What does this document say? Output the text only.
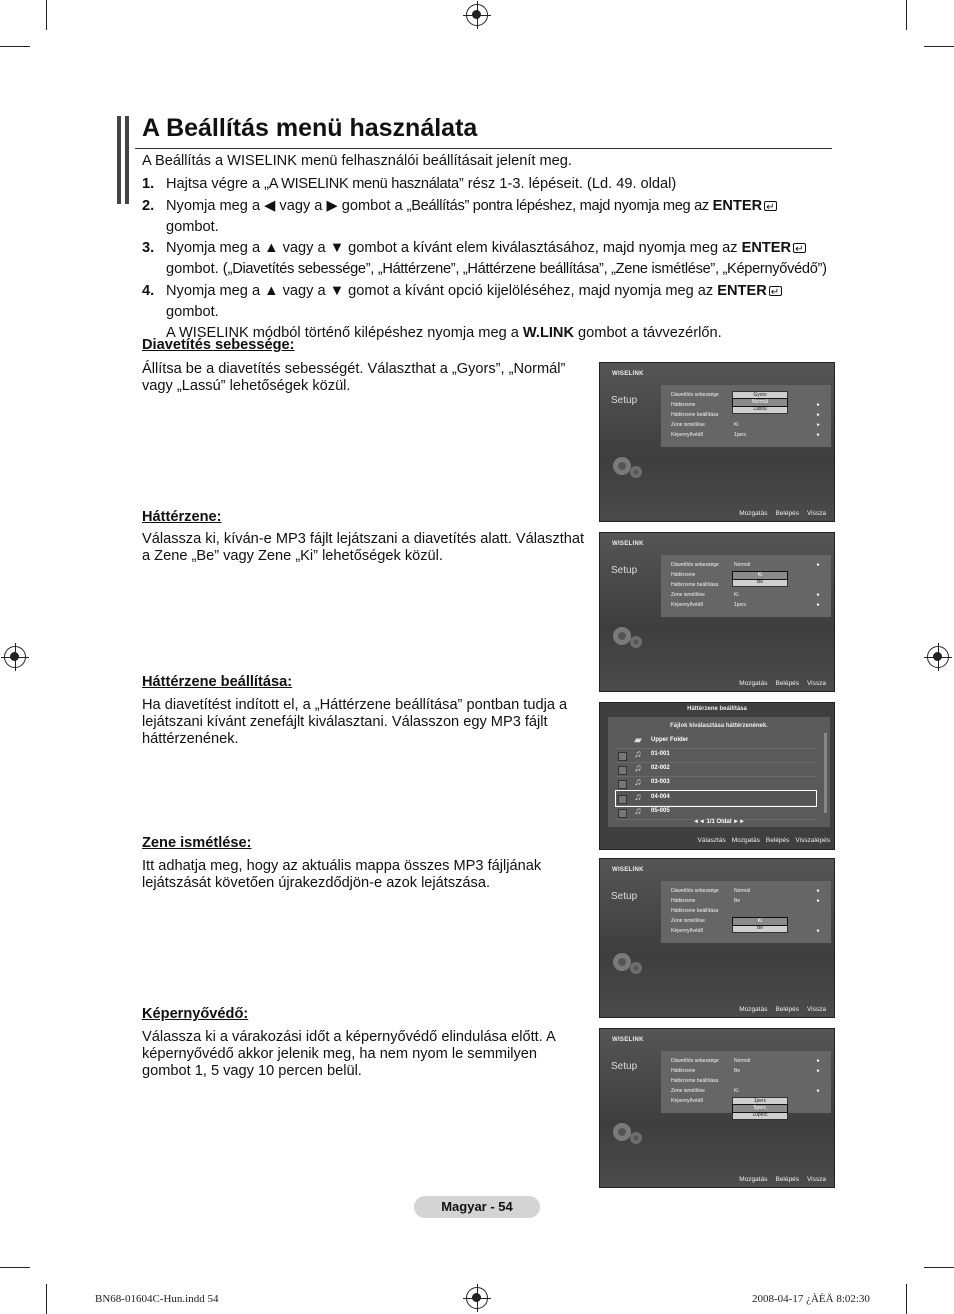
A Beállítás menü használata
A Beállítás a WISELINK menü felhasználói beállításait jelenít meg.
1. Hajtsa végre a „A WISELINK menü használata” rész 1-3. lépéseit. (Ld. 49. oldal)
2. Nyomja meg a ◀ vagy a ▶ gombot a „Beállítás” pontra lépéshez, majd nyomja meg az ENTER↵
gombot.
3. Nyomja meg a ▲ vagy a ▼ gombot a kívánt elem kiválasztásához, majd nyomja meg az ENTER↵
gombot. („Diavetítés sebessége”, „Háttérzene”, „Háttérzene beállítása”, „Zene ismétlése”, „Képernyővédő”)
4. Nyomja meg a ▲ vagy a ▼ gomot a kívánt opció kijelöléséhez, majd nyomja meg az ENTER↵ gombot.
A WISELINK módból történő kilépéshez nyomja meg a W.LINK gombot a távvezérlőn.
Diavetítés sebessége:
Állítsa be a diavetítés sebességét. Választhat a „Gyors”, „Normál” vagy „Lassú” lehetőségek közül.
Háttérzene:
Válassza ki, kíván-e MP3 fájlt lejátszani a diavetítés alatt. Választhat a Zene „Be” vagy Zene „Ki” lehetőségek közül.
Háttérzene beállítása:
Ha diavetítést indított el, a „Háttérzene beállítása” pontban tudja a lejátszani kívánt zenefájlt kiválasztani. Válasszon egy MP3 fájlt háttérzenének.
Zene ismétlése:
Itt adhatja meg, hogy az aktuális mappa összes MP3 fájljának lejátszását követően újrakezdődjön-e azok lejátszása.
Képernyővédő:
Válassza ki a várakozási időt a képernyővédő elindulása előtt. A képernyővédő akkor jelenik meg, ha nem nyom le semmilyen gombot 1, 5 vagy 10 percen belül.
WISELINK
Setup	Diavetítés sebessége
Háttérzene	►
Háttérzene beállítása	►
Zene ismétlése	Ki	►
Képernyővédő	1perc	►
Gyors
Normál
Lassú
Mozgatás Belépés Vissza
WISELINK
Setup	Diavetítés sebessége	Normál	►
Háttérzene
Háttérzene beállítása
Zene ismétlése	Ki	►
Képernyővédő	1perc	►
Ki
Be
Mozgatás Belépés Vissza
Háttérzene beállítása
Fájlok kiválasztása háttérzenének.
▰	Upper Folder
♫	01-001
♫	02-002
♫	03-003
♫	04-004
♫	05-005
◄◄ 1/1 Oldal ►►
Választás Mozgatás Belépés Visszalépés
WISELINK
Setup	Diavetítés sebessége	Normál	►
Háttérzene	Be	►
Háttérzene beállítása
Zene ismétlése
Képernyővédő	►
Ki
Be
Mozgatás Belépés Vissza
WISELINK
Setup	Diavetítés sebessége	Normál	►
Háttérzene	Be	►
Háttérzene beállítása
Zene ismétlése	Ki	►
Képernyővédő	1perc
5perc
10perc
Mozgatás Belépés Vissza
Magyar - 54
BN68-01604C-Hun.indd 54	2008-04-17 ¿ÀÈÄ 8:02:30
